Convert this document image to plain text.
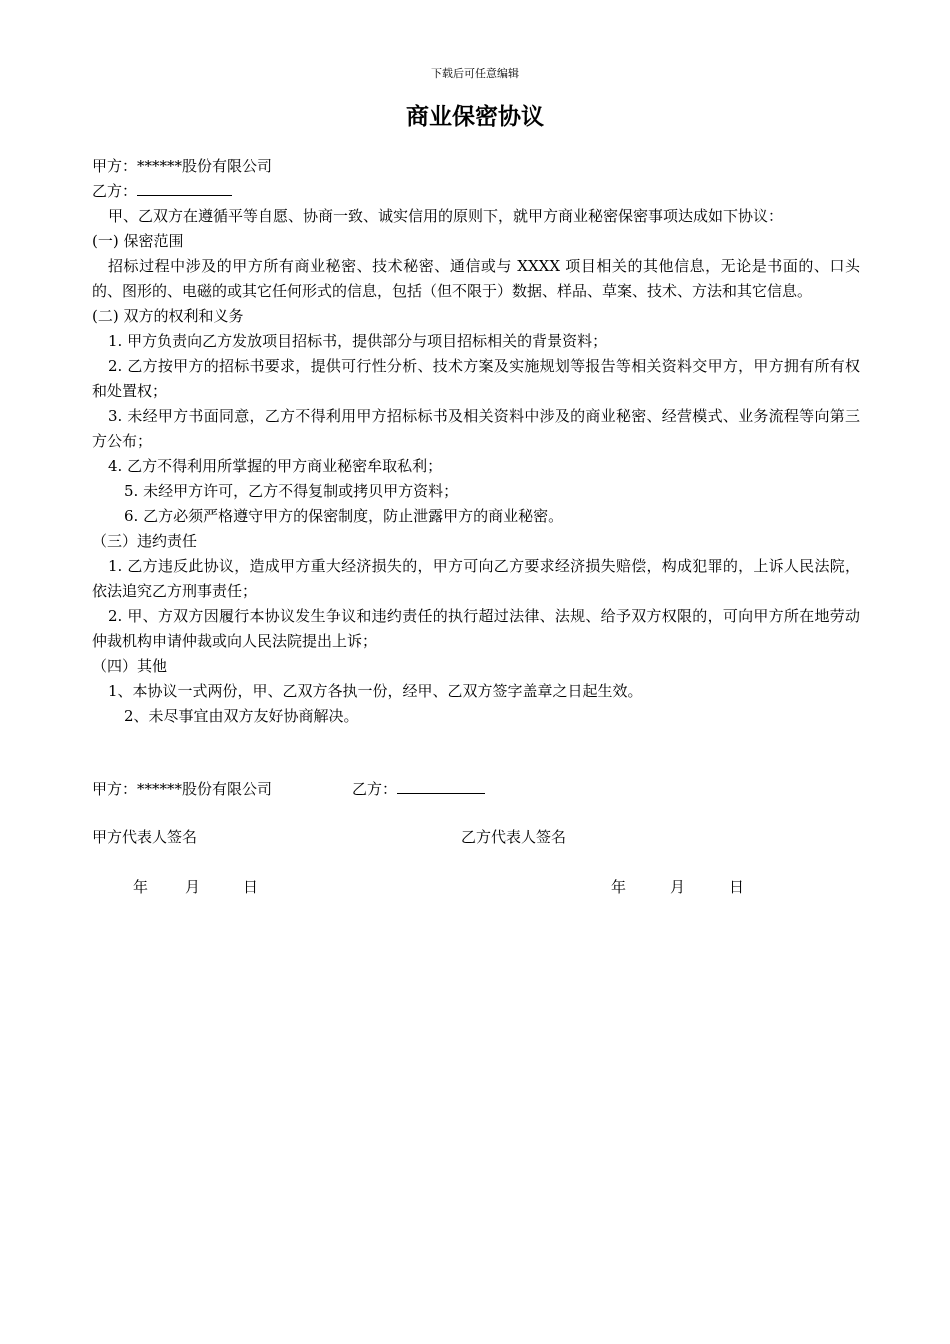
下载后可任意编辑
商业保密协议

甲方：******股份有限公司

乙方：

甲、乙双方在遵循平等自愿、协商一致、诚实信用的原则下，就甲方商业秘密保密事项达成如下协议：

(一) 保密范围

招标过程中涉及的甲方所有商业秘密、技术秘密、通信或与 XXXX 项目相关的其他信息，无论是书面的、口头的、图形的、电磁的或其它任何形式的信息，包括（但不限于）数据、样品、草案、技术、方法和其它信息。

(二) 双方的权利和义务

1. 甲方负责向乙方发放项目招标书，提供部分与项目招标相关的背景资料；

2. 乙方按甲方的招标书要求，提供可行性分析、技术方案及实施规划等报告等相关资料交甲方，甲方拥有所有权和处置权；

3. 未经甲方书面同意，乙方不得利用甲方招标标书及相关资料中涉及的商业秘密、经营模式、业务流程等向第三方公布；

4. 乙方不得利用所掌握的甲方商业秘密牟取私利；

5. 未经甲方许可，乙方不得复制或拷贝甲方资料；

6. 乙方必须严格遵守甲方的保密制度，防止泄露甲方的商业秘密。

（三）违约责任

1. 乙方违反此协议，造成甲方重大经济损失的，甲方可向乙方要求经济损失赔偿，构成犯罪的，上诉人民法院，依法追究乙方刑事责任；

2. 甲、方双方因履行本协议发生争议和违约责任的执行超过法律、法规、给予双方权限的，可向甲方所在地劳动仲裁机构申请仲裁或向人民法院提出上诉；

（四）其他

1、本协议一式两份，甲、乙双方各执一份，经甲、乙双方签字盖章之日起生效。

2、未尽事宜由双方友好协商解决。

甲方：******股份有限公司	乙方：
甲方代表人签名	乙方代表人签名
年 月	日	年	月	日
